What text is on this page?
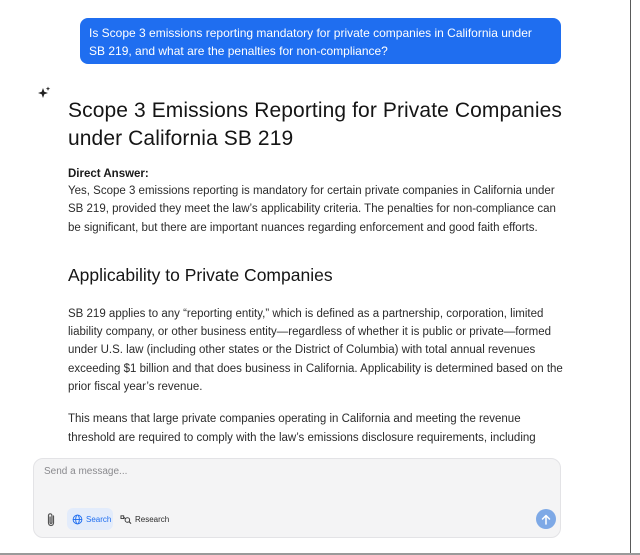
Is Scope 3 emissions reporting mandatory for private companies in California under SB 219, and what are the penalties for non-compliance?
Scope 3 Emissions Reporting for Private Companies under California SB 219
Direct Answer:

Yes, Scope 3 emissions reporting is mandatory for certain private companies in California under SB 219, provided they meet the law’s applicability criteria. The penalties for non-compliance can be significant, but there are important nuances regarding enforcement and good faith efforts.

Applicability to Private Companies

SB 219 applies to any “reporting entity,” which is defined as a partnership, corporation, limited liability company, or other business entity—regardless of whether it is public or private—formed under U.S. law (including other states or the District of Columbia) with total annual revenues exceeding $1 billion and that does business in California. Applicability is determined based on the prior fiscal year’s revenue.

This means that large private companies operating in California and meeting the revenue threshold are required to comply with the law’s emissions disclosure requirements, including

Send a message...
Search	Research
